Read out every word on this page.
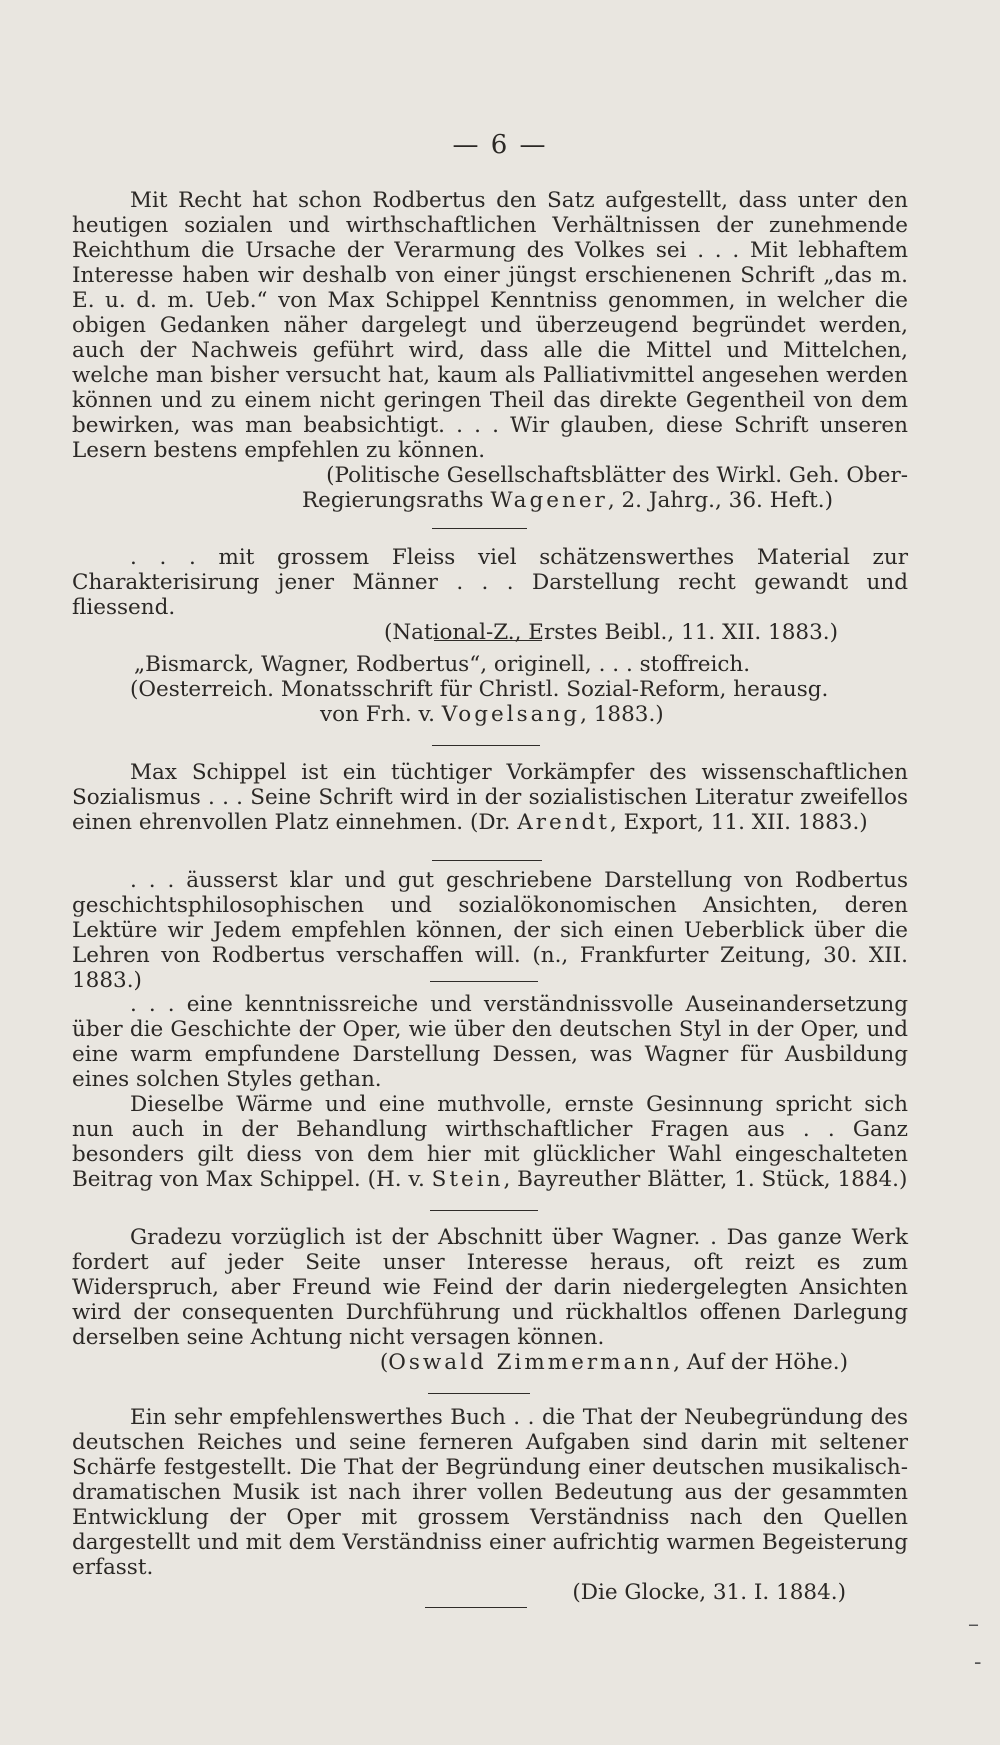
— 6 —

Mit Recht hat schon Rodbertus den Satz aufgestellt, dass unter den heutigen sozialen und wirthschaftlichen Verhältnissen der zunehmende Reichthum die Ursache der Verarmung des Volkes sei . . . Mit lebhaftem Interesse haben wir deshalb von einer jüngst erschienenen Schrift „das m. E. u. d. m. Ueb.“ von Max Schippel Kenntniss genommen, in welcher die obigen Gedanken näher dargelegt und überzeugend begründet werden, auch der Nachweis geführt wird, dass alle die Mittel und Mittelchen, welche man bisher versucht hat, kaum als Palliativmittel angesehen werden können und zu einem nicht geringen Theil das direkte Gegentheil von dem bewirken, was man beabsichtigt. . . . Wir glauben, diese Schrift unseren Lesern bestens empfehlen zu können.

(Politische Gesellschaftsblätter des Wirkl. Geh. Ober-

Regierungsraths Wagener, 2. Jahrg., 36. Heft.)

. . . mit grossem Fleiss viel schätzenswerthes Material zur Charakterisirung jener Männer . . . Darstellung recht gewandt und fliessend.

(National-Z., Erstes Beibl., 11. XII. 1883.)

„Bismarck, Wagner, Rodbertus“, originell, . . . stoffreich.

(Oesterreich. Monatsschrift für Christl. Sozial-Reform, herausg.

von Frh. v. Vogelsang, 1883.)

Max Schippel ist ein tüchtiger Vorkämpfer des wissenschaftlichen Sozialismus . . . Seine Schrift wird in der sozialistischen Literatur zweifellos einen ehrenvollen Platz einnehmen. (Dr. Arendt, Export, 11. XII. 1883.)

. . . äusserst klar und gut geschriebene Darstellung von Rodbertus geschichtsphilosophischen und sozialökonomischen Ansichten, deren Lektüre wir Jedem empfehlen können, der sich einen Ueberblick über die Lehren von Rodbertus verschaffen will. (n., Frankfurter Zeitung, 30. XII. 1883.)

. . . eine kenntnissreiche und verständnissvolle Auseinandersetzung über die Geschichte der Oper, wie über den deutschen Styl in der Oper, und eine warm empfundene Darstellung Dessen, was Wagner für Ausbildung eines solchen Styles gethan.

Dieselbe Wärme und eine muthvolle, ernste Gesinnung spricht sich nun auch in der Behandlung wirthschaftlicher Fragen aus . . Ganz besonders gilt diess von dem hier mit glücklicher Wahl eingeschalteten Beitrag von Max Schippel. (H. v. Stein, Bayreuther Blätter, 1. Stück, 1884.)

Gradezu vorzüglich ist der Abschnitt über Wagner. . Das ganze Werk fordert auf jeder Seite unser Interesse heraus, oft reizt es zum Widerspruch, aber Freund wie Feind der darin niedergelegten Ansichten wird der consequenten Durchführung und rückhaltlos offenen Darlegung derselben seine Achtung nicht versagen können.

(Oswald Zimmermann, Auf der Höhe.)

Ein sehr empfehlenswerthes Buch . . die That der Neubegründung des deutschen Reiches und seine ferneren Aufgaben sind darin mit seltener Schärfe festgestellt. Die That der Begründung einer deutschen musikalisch-dramatischen Musik ist nach ihrer vollen Bedeutung aus der gesammten Entwicklung der Oper mit grossem Verständniss nach den Quellen dargestellt und mit dem Verständniss einer aufrichtig warmen Begeisterung erfasst.

(Die Glocke, 31. I. 1884.)

–
-
